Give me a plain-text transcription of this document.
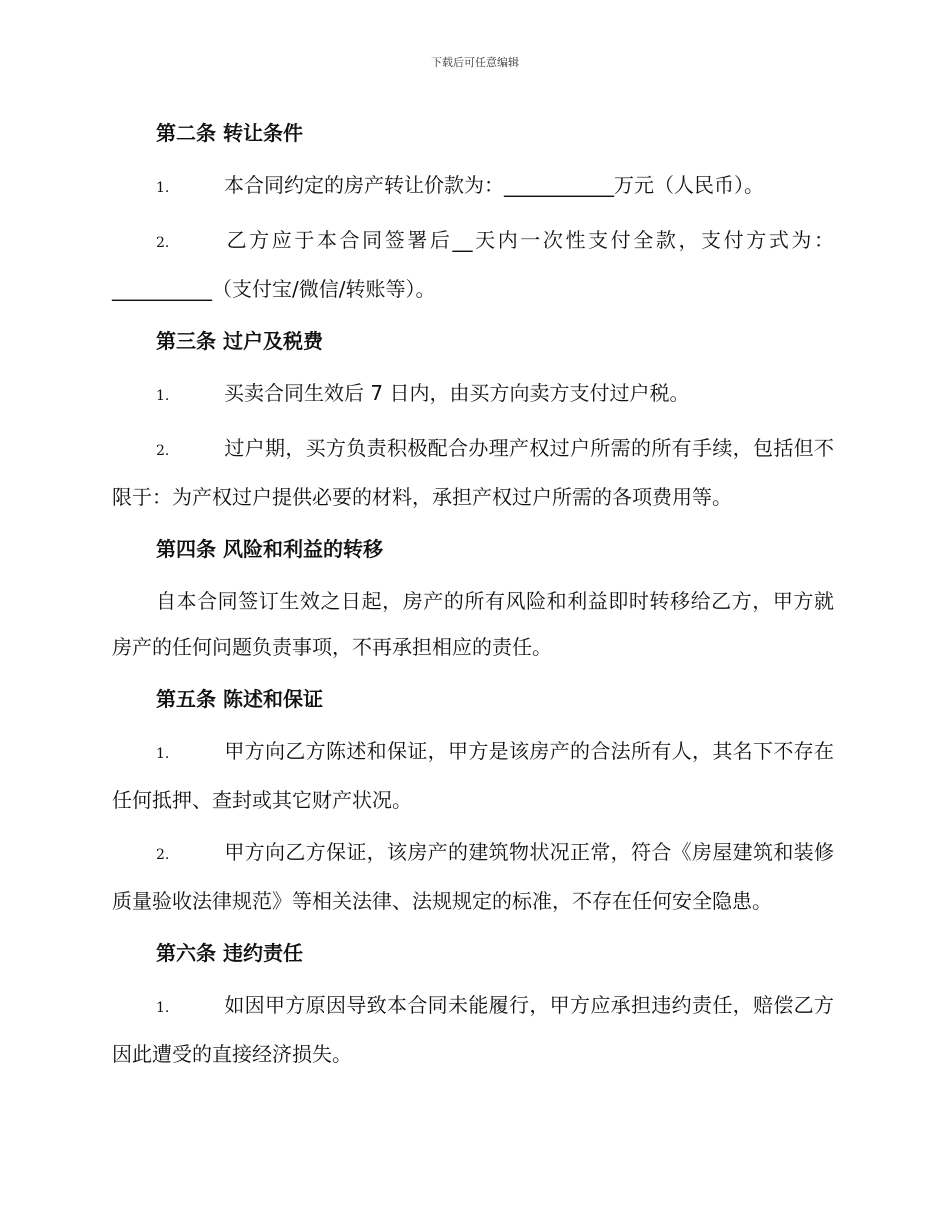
下载后可任意编辑
第二条 转让条件

1.	本合同约定的房产转让价款为：___________万元（人民币）。

2.	乙方应于本合同签署后__天内一次性支付全款，支付方式为：__________（支付宝/微信/转账等）。

第三条 过户及税费

1.	买卖合同生效后 7 日内，由买方向卖方支付过户税。

2.	过户期，买方负责积极配合办理产权过户所需的所有手续，包括但不限于：为产权过户提供必要的材料，承担产权过户所需的各项费用等。

第四条 风险和利益的转移

自本合同签订生效之日起，房产的所有风险和利益即时转移给乙方，甲方就房产的任何问题负责事项，不再承担相应的责任。

第五条 陈述和保证

1.	甲方向乙方陈述和保证，甲方是该房产的合法所有人，其名下不存在任何抵押、查封或其它财产状况。

2.	甲方向乙方保证，该房产的建筑物状况正常，符合《房屋建筑和装修质量验收法律规范》等相关法律、法规规定的标准，不存在任何安全隐患。

第六条 违约责任

1.	如因甲方原因导致本合同未能履行，甲方应承担违约责任，赔偿乙方因此遭受的直接经济损失。
